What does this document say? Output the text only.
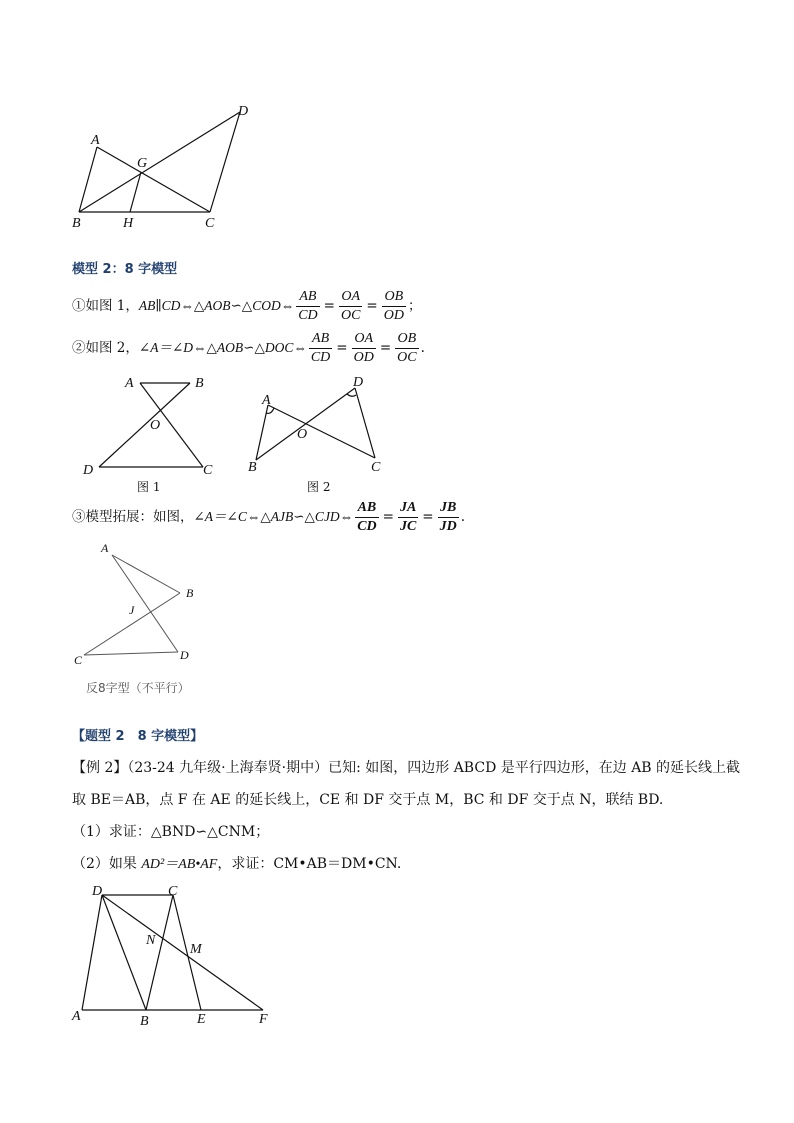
A
D
G
B	H	C
模型 2：8 字模型
①如图 1，AB∥CD⇔△AOB∽△COD⇔ $\frac{AB}{CD} = \frac{OA}{OC} = \frac{OB}{OD}$ ；
②如图 2，∠A＝∠D⇔△AOB∽△DOC⇔ $\frac{AB}{CD} = \frac{OA}{OD} = \frac{OB}{OC}$ .
A	B
O
D	C
图 1
A
D
O
B	C
图 2
③模型拓展：如图，∠A＝∠C⇔△AJB∽△CJD⇔ $\frac{AB}{CD} = \frac{JA}{JC} = \frac{JB}{JD}$ .
A
B
J
C	D
反8字型（不平行）
【题型 2　8 字模型】
【例 2】（23-24 九年级·上海奉贤·期中）已知: 如图，四边形 ABCD 是平行四边形，在边 AB 的延长线上截
取 BE＝AB，点 F 在 AE 的延长线上，CE 和 DF 交于点 M，BC 和 DF 交于点 N，联结 BD.
（1）求证：△BND∽△CNM；
（2）如果 AD²＝AB•AF，求证：CM•AB＝DM•CN.
D	C
N
M
A	B	E	F
